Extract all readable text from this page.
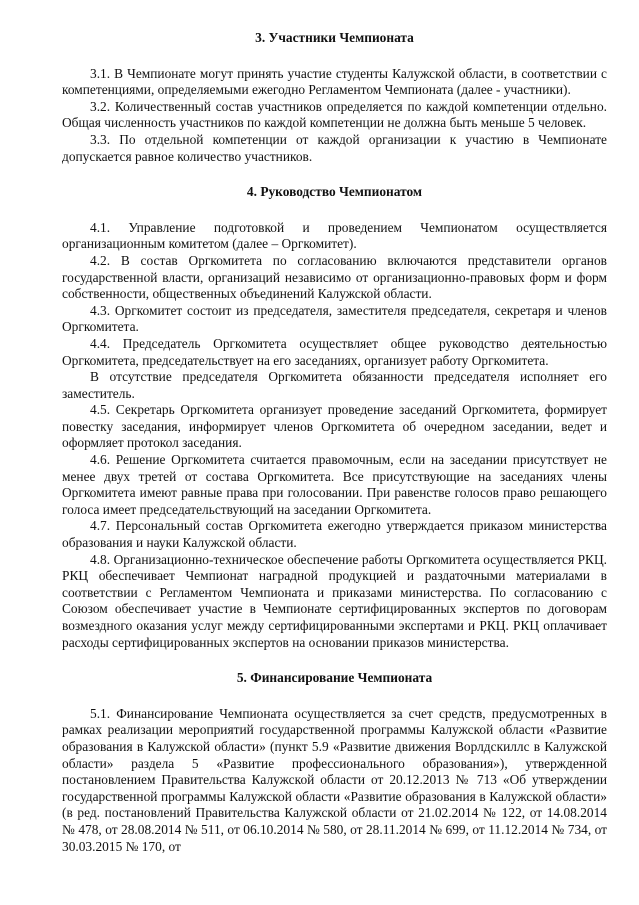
3. Участники Чемпионата

3.1. В Чемпионате могут принять участие студенты Калужской области, в соответствии с компетенциями, определяемыми ежегодно Регламентом Чемпионата (далее - участники).

3.2. Количественный состав участников определяется по каждой компетенции отдельно. Общая численность участников по каждой компетенции не должна быть меньше 5 человек.

3.3. По отдельной компетенции от каждой организации к участию в Чемпионате допускается равное количество участников.

4. Руководство Чемпионатом

4.1. Управление подготовкой и проведением Чемпионатом осуществляется организационным комитетом (далее – Оргкомитет).

4.2. В состав Оргкомитета по согласованию включаются представители органов государственной власти, организаций независимо от организационно-правовых форм и форм собственности, общественных объединений Калужской области.

4.3. Оргкомитет состоит из председателя, заместителя председателя, секретаря и членов Оргкомитета.

4.4. Председатель Оргкомитета осуществляет общее руководство деятельностью Оргкомитета, председательствует на его заседаниях, организует работу Оргкомитета.

В отсутствие председателя Оргкомитета обязанности председателя исполняет его заместитель.

4.5. Секретарь Оргкомитета организует проведение заседаний Оргкомитета, формирует повестку заседания, информирует членов Оргкомитета об очередном заседании, ведет и оформляет протокол заседания.

4.6. Решение Оргкомитета считается правомочным, если на заседании присутствует не менее двух третей от состава Оргкомитета. Все присутствующие на заседаниях члены Оргкомитета имеют равные права при голосовании. При равенстве голосов право решающего голоса имеет председательствующий на заседании Оргкомитета.

4.7. Персональный состав Оргкомитета ежегодно утверждается приказом министерства образования и науки Калужской области.

4.8. Организационно-техническое обеспечение работы Оргкомитета осуществляется РКЦ. РКЦ обеспечивает Чемпионат наградной продукцией и раздаточными материалами в соответствии с Регламентом Чемпионата и приказами министерства. По согласованию с Союзом обеспечивает участие в Чемпионате сертифицированных экспертов по договорам возмездного оказания услуг между сертифицированными экспертами и РКЦ. РКЦ оплачивает расходы сертифицированных экспертов на основании приказов министерства.

5. Финансирование Чемпионата

5.1. Финансирование Чемпионата осуществляется за счет средств, предусмотренных в рамках реализации мероприятий государственной программы Калужской области «Развитие образования в Калужской области» (пункт 5.9 «Развитие движения Ворлдскиллс в Калужской области» раздела 5 «Развитие профессионального образования»), утвержденной постановлением Правительства Калужской области от 20.12.2013 № 713 «Об утверждении государственной программы Калужской области «Развитие образования в Калужской области» (в ред. постановлений Правительства Калужской области от 21.02.2014 № 122, от 14.08.2014 № 478, от 28.08.2014 № 511, от 06.10.2014 № 580, от 28.11.2014 № 699, от 11.12.2014 № 734, от 30.03.2015 № 170, от
